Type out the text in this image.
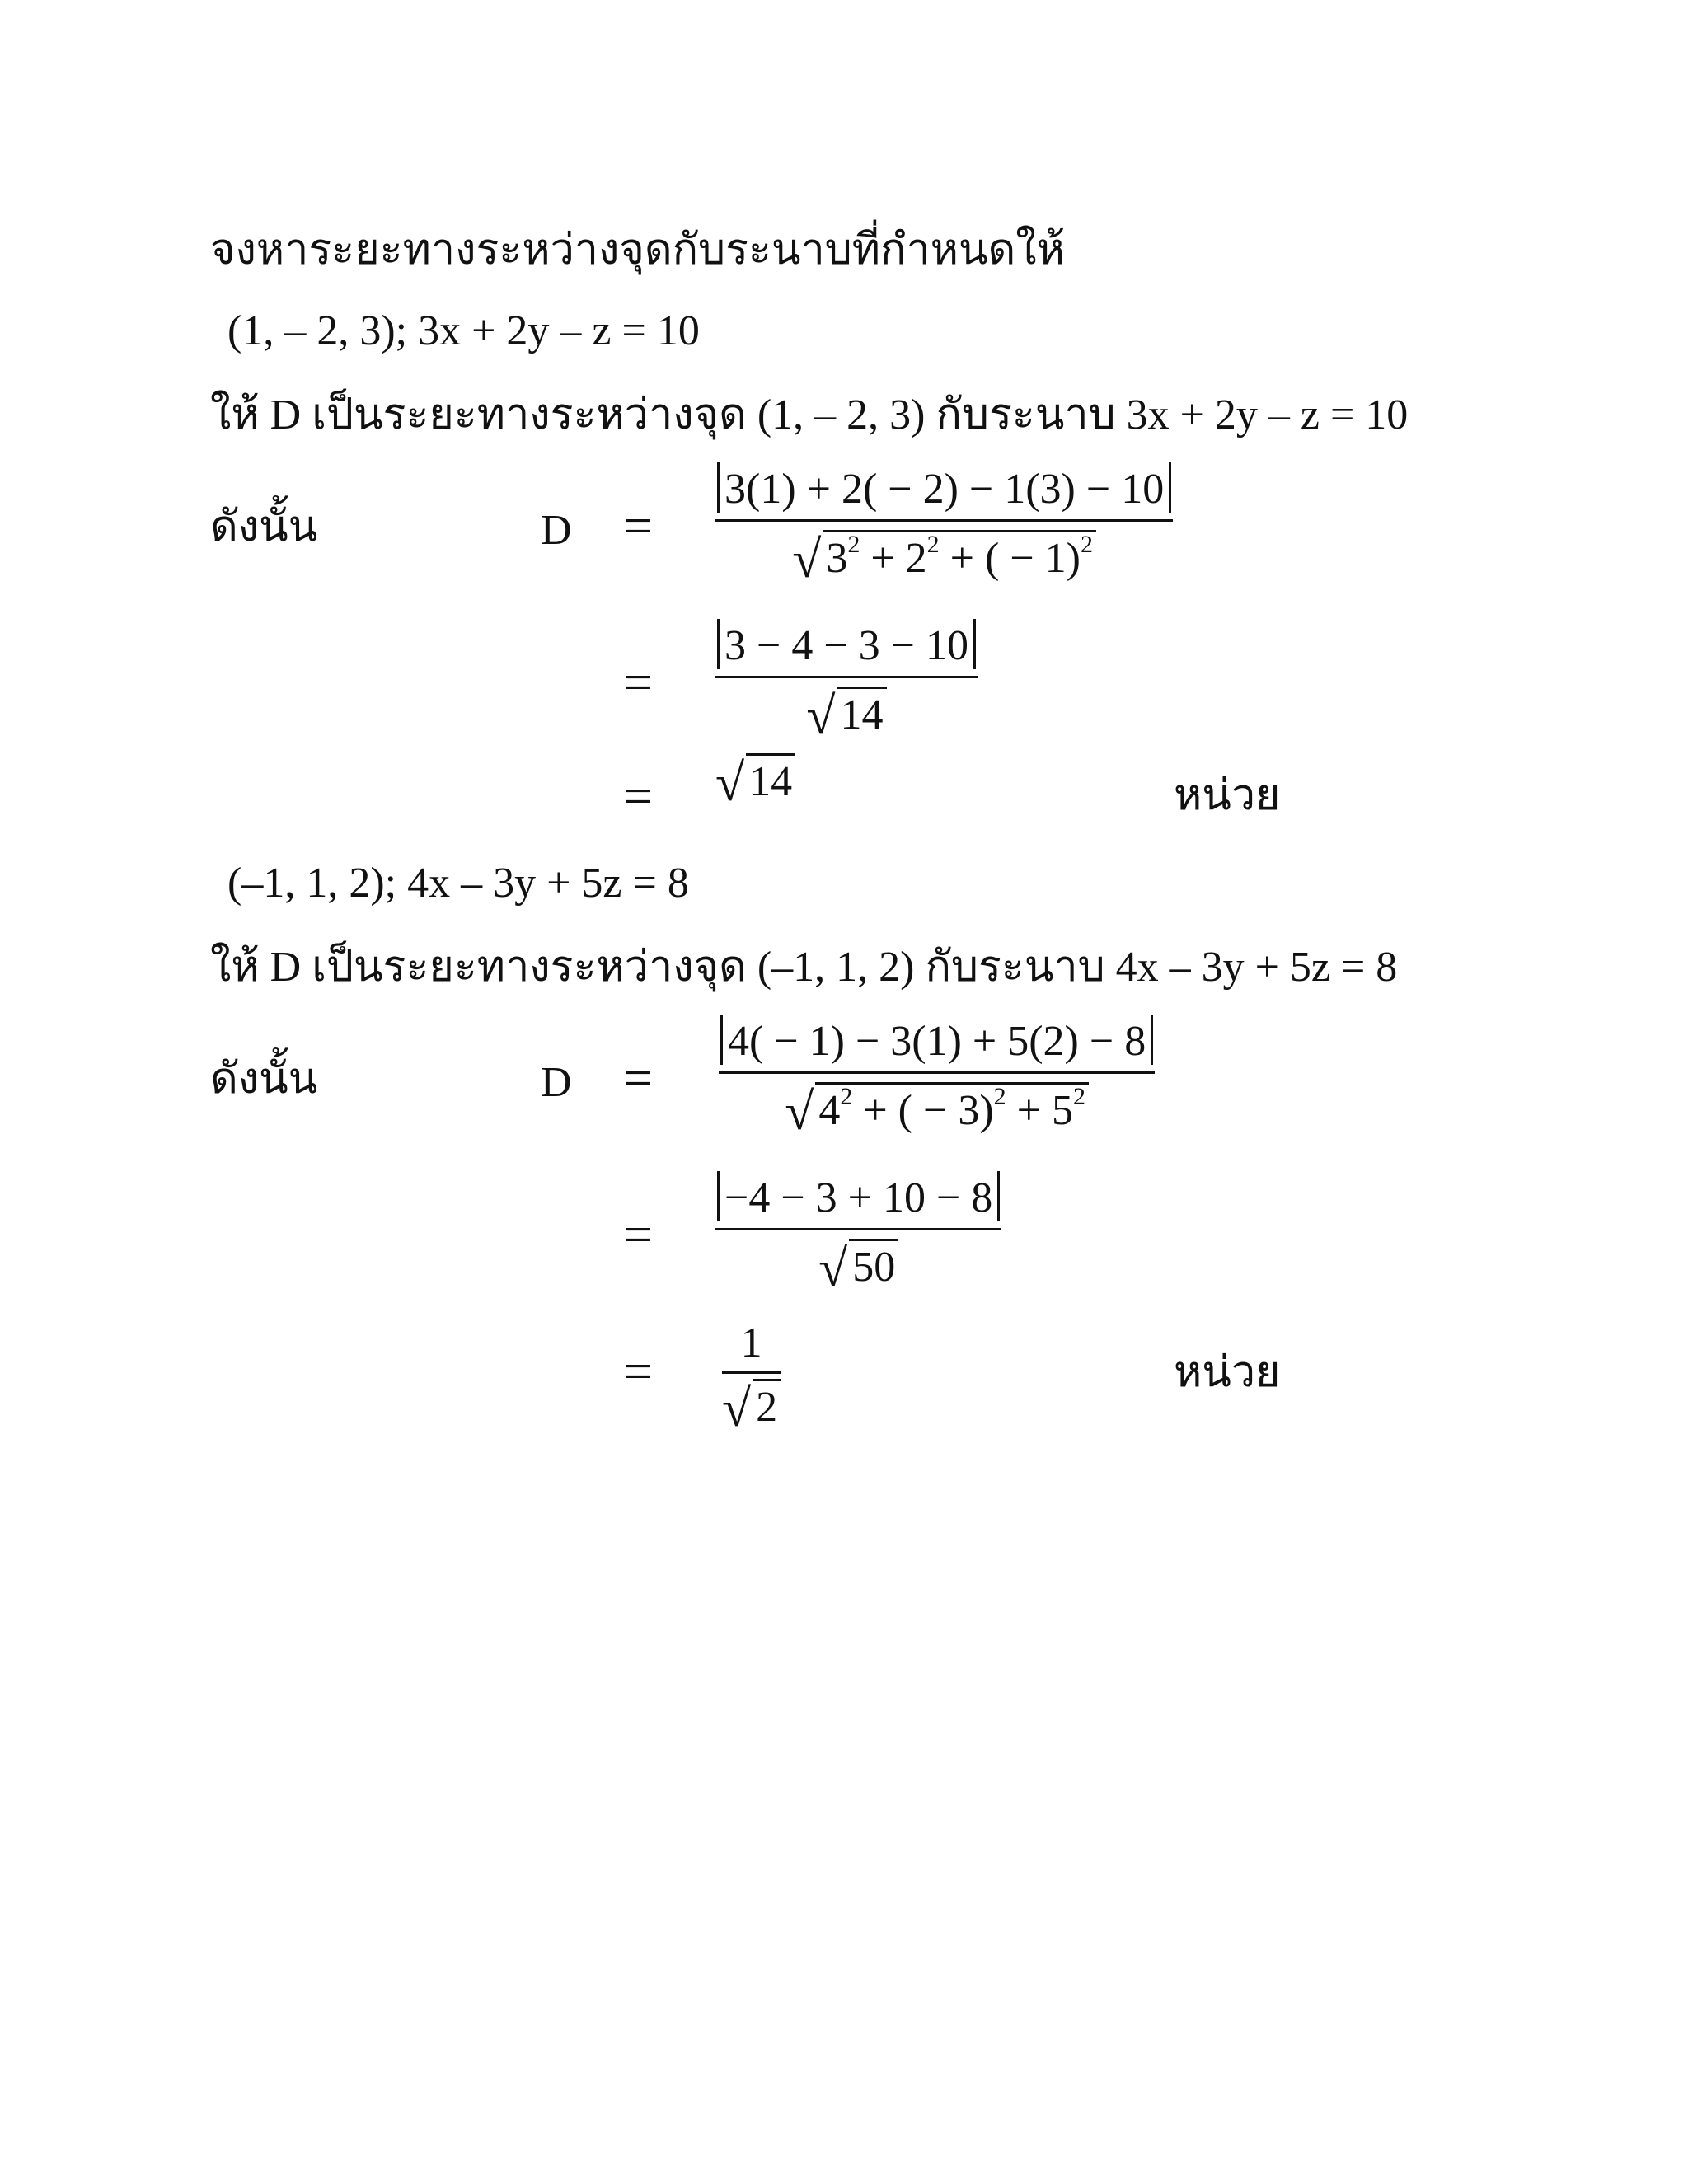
จงหาระยะทางระหว่างจุดกับระนาบที่กำหนดให้
(1, – 2, 3); 3x + 2y – z = 10
ให้ D เป็นระยะทางระหว่างจุด (1, – 2, 3) กับระนาบ 3x + 2y – z = 10
ดังนั้น	D =
3(1) + 2( − 2) − 1(3) − 10
√ $3^2 + 2^2$ + ( − 1)$^2$
=
3 − 4 − 3 − 10
√ 14
= √ 14	หน่วย
(–1, 1, 2); 4x – 3y + 5z = 8
ให้ D เป็นระยะทางระหว่างจุด (–1, 1, 2) กับระนาบ 4x – 3y + 5z = 8
ดังนั้น	D =
4( − 1) − 3(1) + 5(2) − 8
√ $4^2$ + ( − $3)^2 + 5^2$
=
−4 − 3 + 10 − 8
√ 50
= 1
√ 2
หน่วย
